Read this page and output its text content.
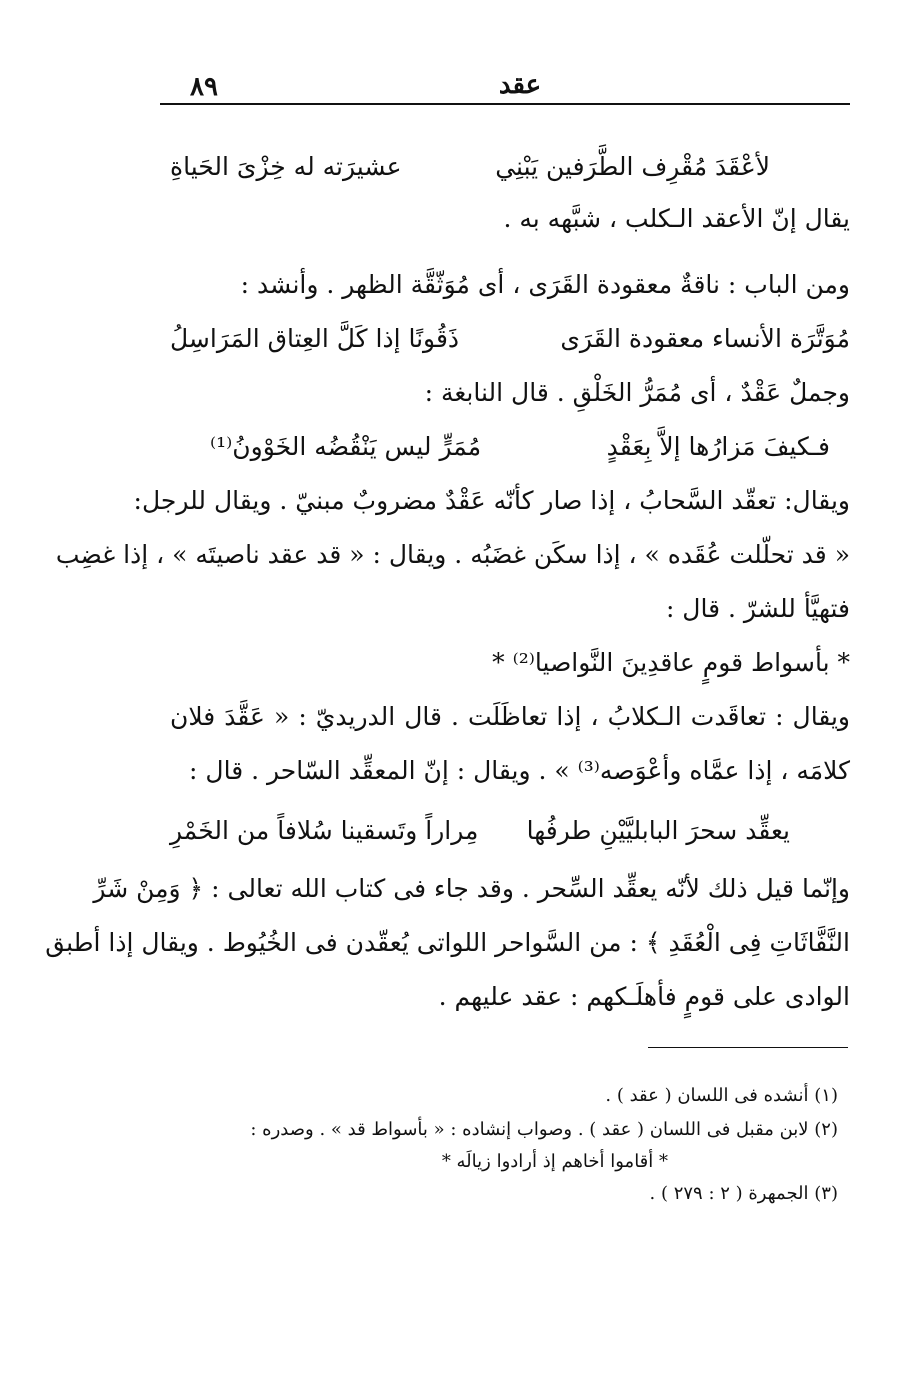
٨٩	عقد
لأعْقَدَ مُقْرِف الطَّرَفين يَبْنِي
عشيرَته له خِزْىَ الحَياةِ
يقال إنّ الأعقد الـكلب ، شبَّهه به .
ومن الباب : ناقةٌ معقودة القَرَى ، أى مُوَثّقَّة الظهر . وأنشد :
مُوَتَّرَة الأنساء معقودة القَرَى
ذَقُونًا إذا كَلَّ العِتاق المَرَاسِلُ
وجملٌ عَقْدٌ ، أى مُمَرُّ الخَلْقِ . قال النابغة :
فـكيفَ مَزارُها إلاَّ بِعَقْدٍ
مُمَرٍّ ليس يَنْقُضُه الخَوْونُ⁽¹⁾
ويقال: تعقّد السَّحابُ ، إذا صار كأنّه عَقْدٌ مضروبٌ مبنيّ . ويقال للرجل:
« قد تحلّلت عُقَده » ، إذا سكَن غضَبُه . ويقال : « قد عقد ناصيتَه » ، إذا غضِب
فتهيَّأ للشرّ . قال :
* بأسواط قومٍ عاقدِينَ النَّواصيا⁽²⁾ *
ويقال : تعاقَدت الـكلابُ ، إذا تعاظَلَت . قال الدريديّ : « عَقَّدَ فلان
كلامَه ، إذا عمَّاه وأعْوَصه⁽³⁾ » . ويقال : إنّ المعقِّد السّاحر . قال :
يعقِّد سحرَ البابليَّيْنِ طرفُها
مِراراً وتَسقينا سُلافاً من الخَمْرِ
وإنّما قيل ذلك لأنّه يعقِّد السِّحر . وقد جاء فى كتاب الله تعالى : ﴿ وَمِنْ شَرِّ
النَّفَّاثَاتِ فِى الْعُقَدِ ﴾ : من السَّواحر اللواتى يُعقّدن فى الخُيُوط . ويقال إذا أطبق
الوادى على قومٍ فأهلَـكهم : عقد عليهم .
(١) أنشده فى اللسان ( عقد ) .
(٢) لابن مقبل فى اللسان ( عقد ) . وصواب إنشاده : « بأسواط قد » . وصدره :
* أقاموا أخاهم إذ أرادوا زيالَه *
(٣) الجمهرة ( ٢ : ٢٧٩ ) .
